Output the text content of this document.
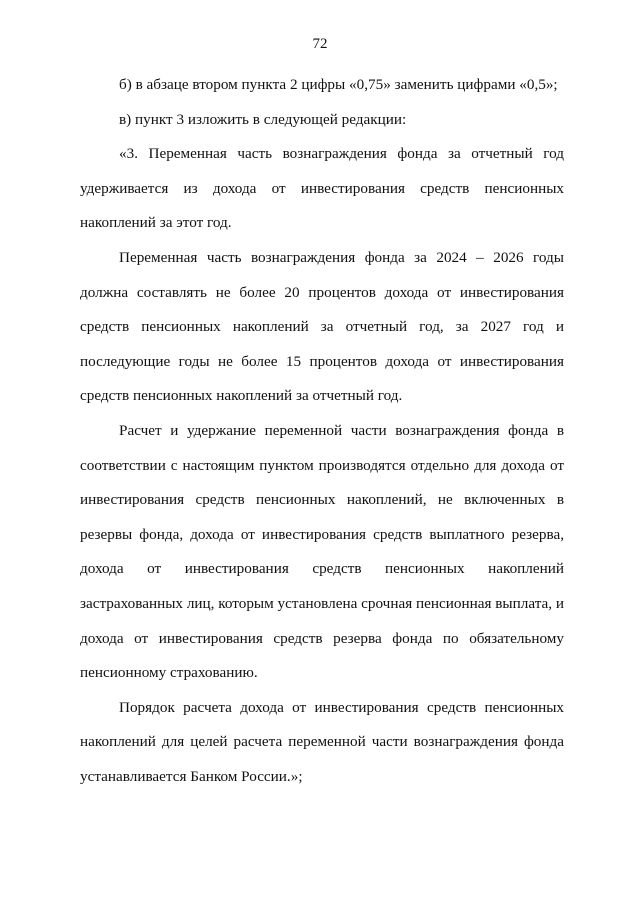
72

б) в абзаце втором пункта 2 цифры «0,75» заменить цифрами «0,5»;

в) пункт 3 изложить в следующей редакции:

«3. Переменная часть вознаграждения фонда за отчетный год удерживается из дохода от инвестирования средств пенсионных накоплений за этот год.

Переменная часть вознаграждения фонда за 2024 – 2026 годы должна составлять не более 20 процентов дохода от инвестирования средств пенсионных накоплений за отчетный год, за 2027 год и последующие годы не более 15 процентов дохода от инвестирования средств пенсионных накоплений за отчетный год.

Расчет и удержание переменной части вознаграждения фонда в соответствии с настоящим пунктом производятся отдельно для дохода от инвестирования средств пенсионных накоплений, не включенных в резервы фонда, дохода от инвестирования средств выплатного резерва, дохода от инвестирования средств пенсионных накоплений застрахованных лиц, которым установлена срочная пенсионная выплата, и дохода от инвестирования средств резерва фонда по обязательному пенсионному страхованию.

Порядок расчета дохода от инвестирования средств пенсионных накоплений для целей расчета переменной части вознаграждения фонда устанавливается Банком России.»;
